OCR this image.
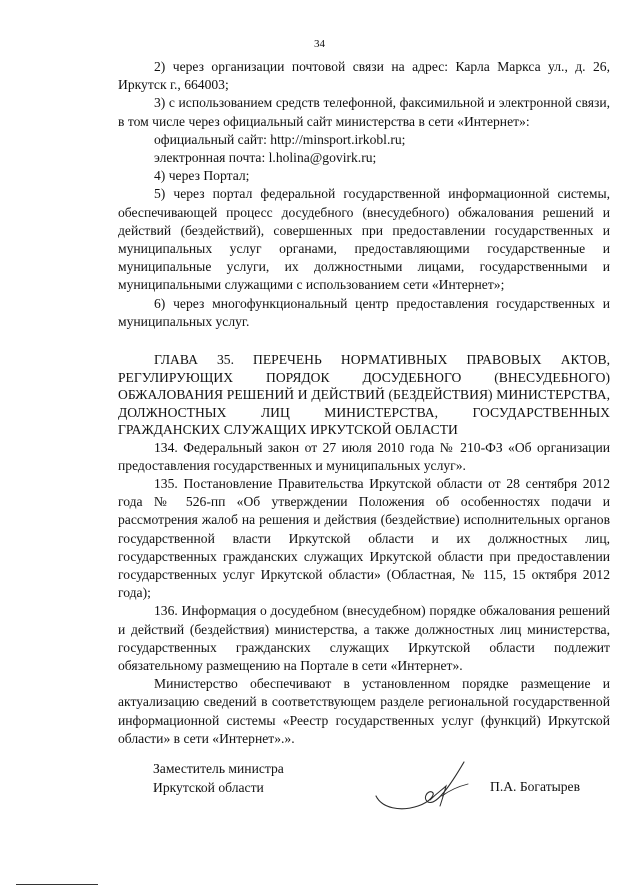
34

2) через организации почтовой связи на адрес: Карла Маркса ул., д. 26, Иркутск г., 664003;

3) с использованием средств телефонной, факсимильной и электронной связи, в том числе через официальный сайт министерства в сети «Интернет»:

официальный сайт: http://minsport.irkobl.ru;

электронная почта: l.holina@govirk.ru;

4) через Портал;

5) через портал федеральной государственной информационной системы, обеспечивающей процесс досудебного (внесудебного) обжалования решений и действий (бездействий), совершенных при предоставлении государственных и муниципальных услуг органами, предоставляющими государственные и муниципальные услуги, их должностными лицами, государственными и муниципальными служащими с использованием сети «Интернет»;

6) через многофункциональный центр предоставления государственных и муниципальных услуг.

ГЛАВА 35. ПЕРЕЧЕНЬ НОРМАТИВНЫХ ПРАВОВЫХ АКТОВ, РЕГУЛИРУЮЩИХ ПОРЯДОК ДОСУДЕБНОГО (ВНЕСУДЕБНОГО) ОБЖАЛОВАНИЯ РЕШЕНИЙ И ДЕЙСТВИЙ (БЕЗДЕЙСТВИЯ) МИНИСТЕРСТВА, ДОЛЖНОСТНЫХ ЛИЦ МИНИСТЕРСТВА, ГОСУДАРСТВЕННЫХ ГРАЖДАНСКИХ СЛУЖАЩИХ ИРКУТСКОЙ ОБЛАСТИ

134. Федеральный закон от 27 июля 2010 года № 210-ФЗ «Об организации предоставления государственных и муниципальных услуг».

135. Постановление Правительства Иркутской области от 28 сентября 2012 года № 526-пп «Об утверждении Положения об особенностях подачи и рассмотрения жалоб на решения и действия (бездействие) исполнительных органов государственной власти Иркутской области и их должностных лиц, государственных гражданских служащих Иркутской области при предоставлении государственных услуг Иркутской области» (Областная, № 115, 15 октября 2012 года);

136. Информация о досудебном (внесудебном) порядке обжалования решений и действий (бездействия) министерства, а также должностных лиц министерства, государственных гражданских служащих Иркутской области подлежит обязательному размещению на Портале в сети «Интернет».

Министерство обеспечивают в установленном порядке размещение и актуализацию сведений в соответствующем разделе региональной государственной информационной системы «Реестр государственных услуг (функций) Иркутской области» в сети «Интернет».».

Заместитель министра
Иркутской области	П.А. Богатырев
